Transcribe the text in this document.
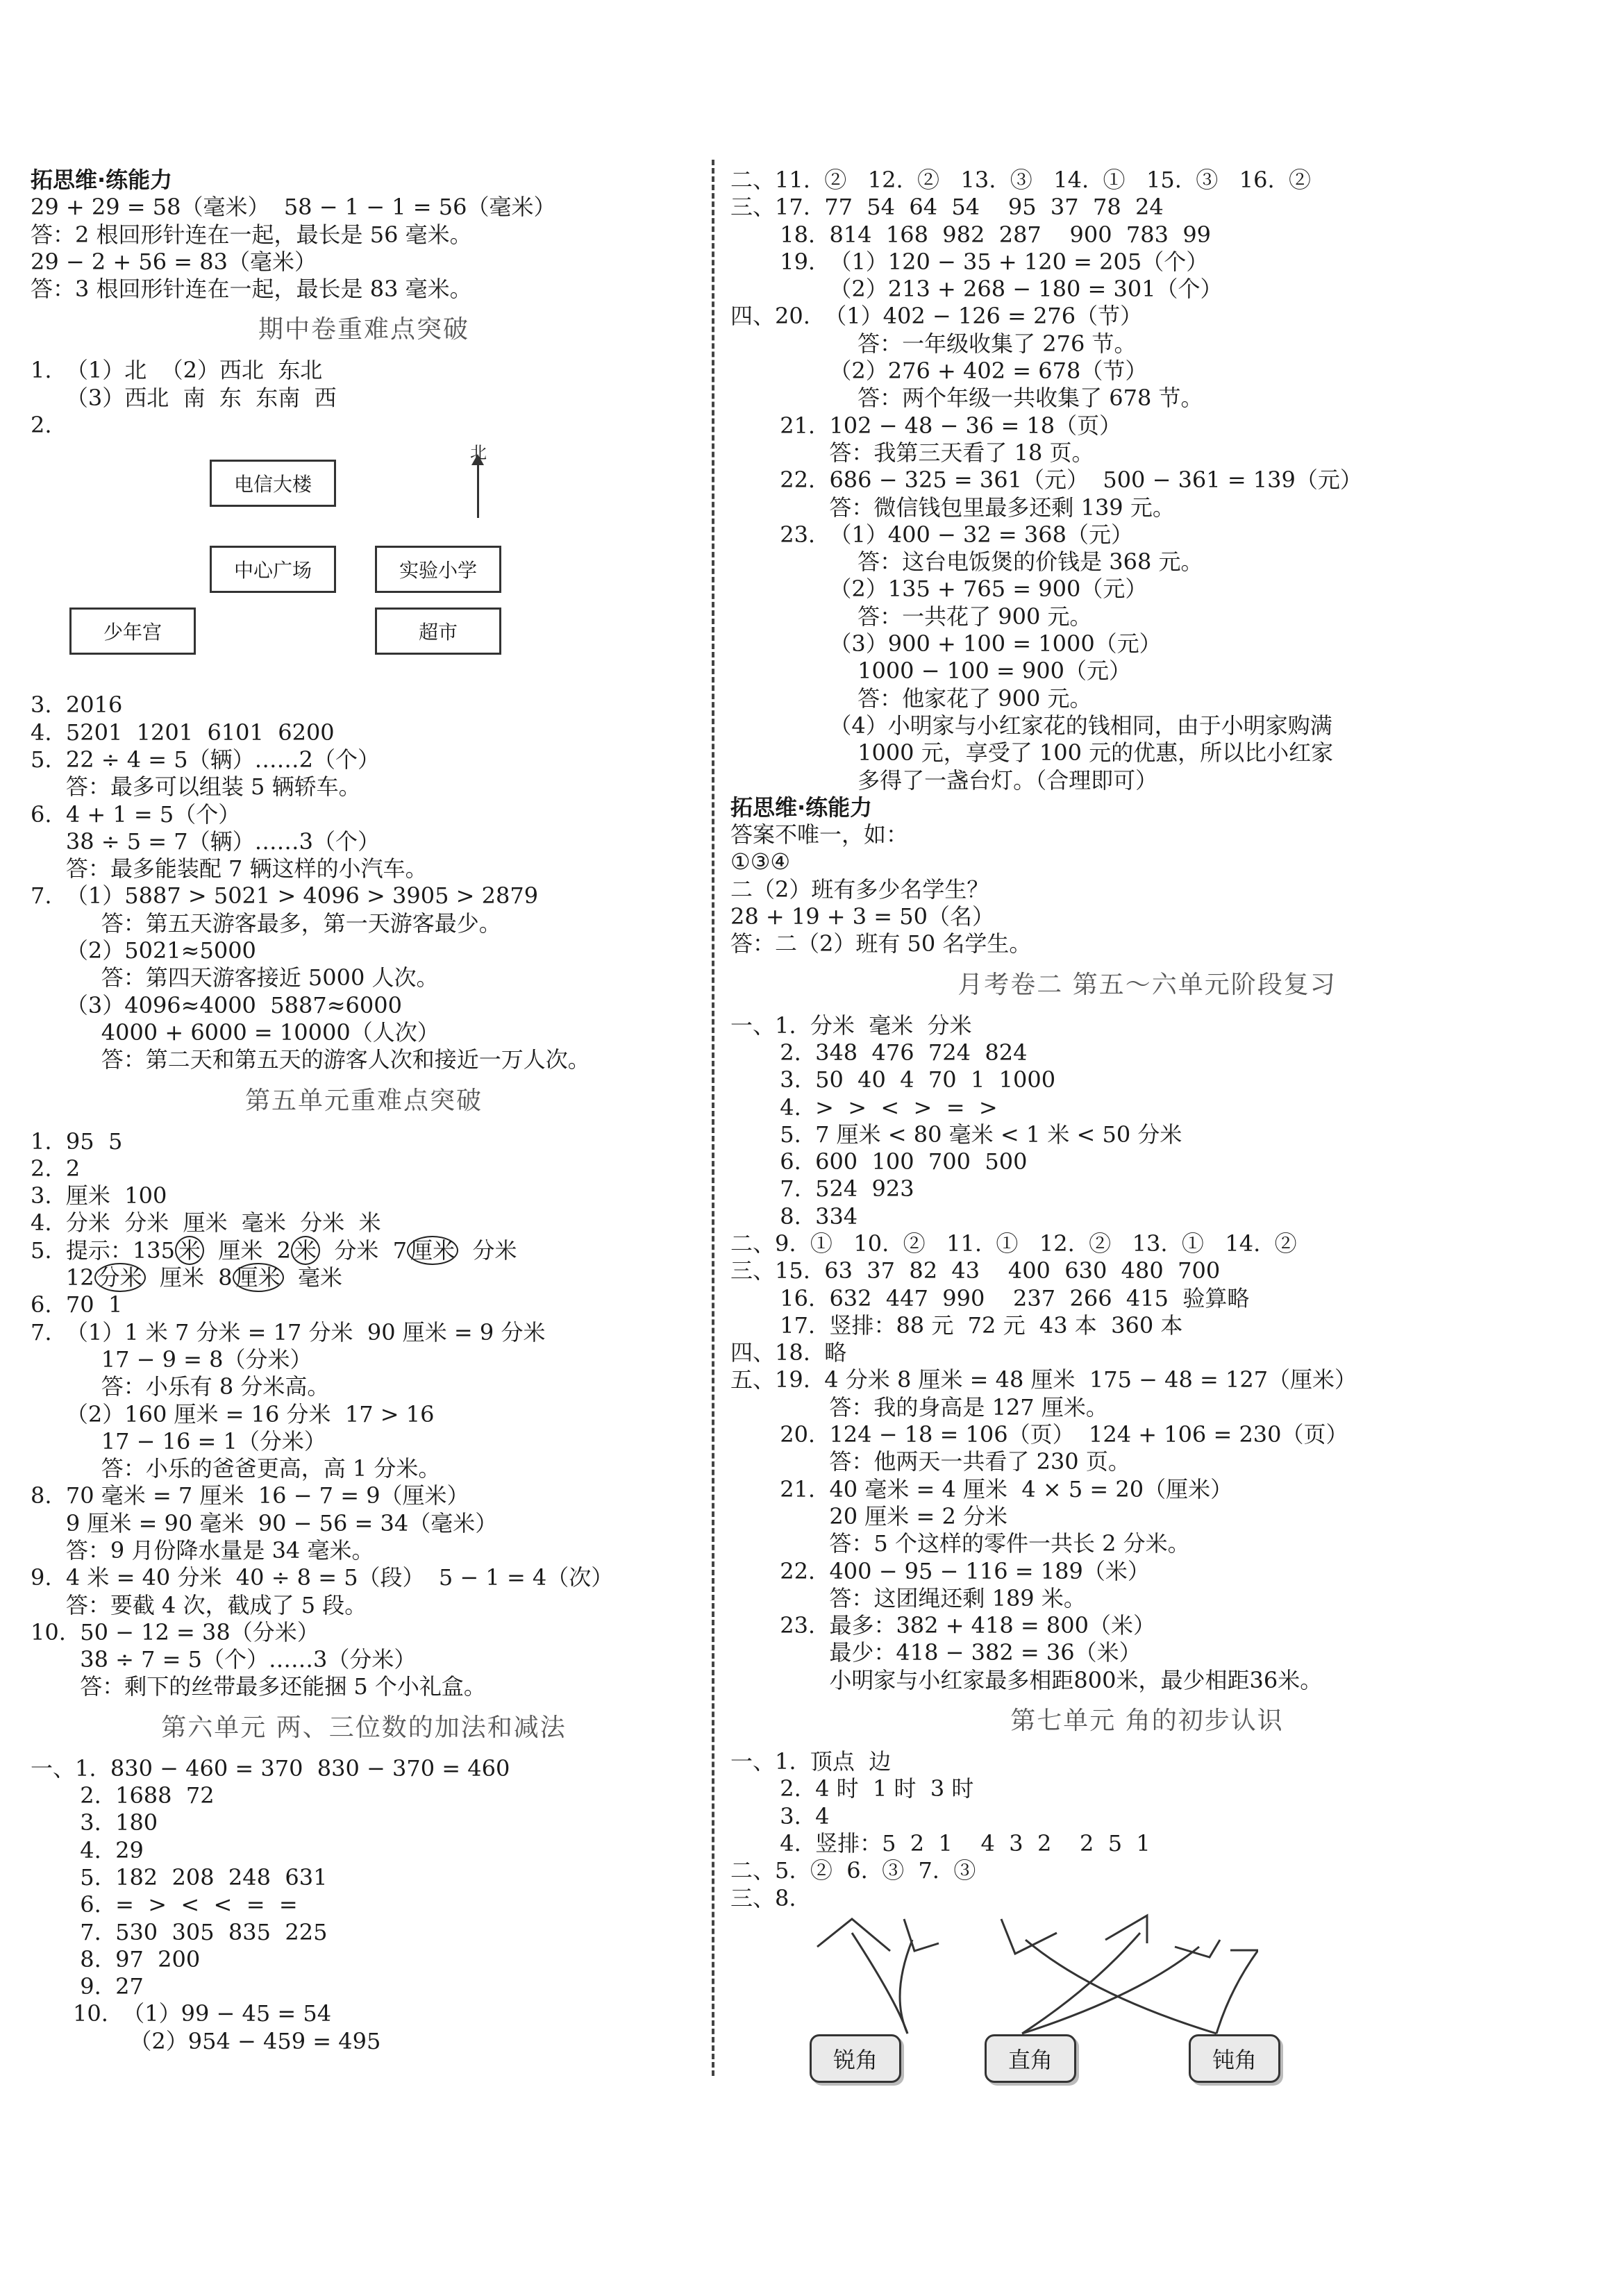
拓思维·练能力
29 + 29 = 58（毫米）  58 − 1 − 1 = 56（毫米）
答：2 根回形针连在一起，最长是 56 毫米。
29 − 2 + 56 = 83（毫米）
答：3 根回形针连在一起，最长是 83 毫米。
期中卷重难点突破
1.  （1）北  （2）西北  东北
（3）西北  南  东  东南  西
2.
北
电信大楼
中心广场	实验小学
少年宫	超市
3.  2016
4.  5201  1201  6101  6200
5.  22 ÷ 4 = 5（辆）……2（个）
答：最多可以组装 5 辆轿车。
6.  4 + 1 = 5（个）
38 ÷ 5 = 7（辆）……3（个）
答：最多能装配 7 辆这样的小汽车。
7.  （1）5887 > 5021 > 4096 > 3905 > 2879
答：第五天游客最多，第一天游客最少。
（2）5021≈5000
答：第四天游客接近 5000 人次。
（3）4096≈4000  5887≈6000
4000 + 6000 = 10000（人次）
答：第二天和第五天的游客人次和接近一万人次。
第五单元重难点突破
1.  95  5
2.  2
3.  厘米  100
4.  分米  分米  厘米  毫米  分米  米
5.  提示：135 米  厘米  2 米  分米  7 厘米  分米
12 分米  厘米  8 厘米  毫米
6.  70  1
7.  （1）1 米 7 分米 = 17 分米  90 厘米 = 9 分米
17 − 9 = 8（分米）
答：小乐有 8 分米高。
（2）160 厘米 = 16 分米  17 > 16
17 − 16 = 1（分米）
答：小乐的爸爸更高，高 1 分米。
8.  70 毫米 = 7 厘米  16 − 7 = 9（厘米）
9 厘米 = 90 毫米  90 − 56 = 34（毫米）
答：9 月份降水量是 34 毫米。
9.  4 米 = 40 分米  40 ÷ 8 = 5（段）  5 − 1 = 4（次）
答：要截 4 次，截成了 5 段。
10.  50 − 12 = 38（分米）
38 ÷ 7 = 5（个）……3（分米）
答：剩下的丝带最多还能捆 5 个小礼盒。
第六单元 两、三位数的加法和减法
一、1.  830 − 460 = 370  830 − 370 = 460
2.  1688  72
3.  180
4.  29
5.  182  208  248  631
6.  =  >  <  <  =  =
7.  530  305  835  225
8.  97  200
9.  27
10.  （1）99 − 45 = 54
（2）954 − 459 = 495
二、11.  ②   12.  ②   13.  ③   14.  ①   15.  ③   16.  ②
三、17.  77  54  64  54    95  37  78  24
18.  814  168  982  287    900  783  99
19.  （1）120 − 35 + 120 = 205（个）
（2）213 + 268 − 180 = 301（个）
四、20.  （1）402 − 126 = 276（节）
答：一年级收集了 276 节。
（2）276 + 402 = 678（节）
答：两个年级一共收集了 678 节。
21.  102 − 48 − 36 = 18（页）
答：我第三天看了 18 页。
22.  686 − 325 = 361（元）  500 − 361 = 139（元）
答：微信钱包里最多还剩 139 元。
23.  （1）400 − 32 = 368（元）
答：这台电饭煲的价钱是 368 元。
（2）135 + 765 = 900（元）
答：一共花了 900 元。
（3）900 + 100 = 1000（元）
1000 − 100 = 900（元）
答：他家花了 900 元。
（4）小明家与小红家花的钱相同，由于小明家购满
1000 元，享受了 100 元的优惠，所以比小红家
多得了一盏台灯。（合理即可）
拓思维·练能力
答案不唯一，如：
①③④
二（2）班有多少名学生？
28 + 19 + 3 = 50（名）
答：二（2）班有 50 名学生。
月考卷二 第五～六单元阶段复习
一、1.  分米  毫米  分米
2.  348  476  724  824
3.  50  40  4  70  1  1000
4.  >  >  <  >  =  >
5.  7 厘米 < 80 毫米 < 1 米 < 50 分米
6.  600  100  700  500
7.  524  923
8.  334
二、9.  ①   10.  ②   11.  ①   12.  ②   13.  ①   14.  ②
三、15.  63  37  82  43    400  630  480  700
16.  632  447  990    237  266  415  验算略
17.  竖排：88 元  72 元  43 本  360 本
四、18.  略
五、19.  4 分米 8 厘米 = 48 厘米  175 − 48 = 127（厘米）
答：我的身高是 127 厘米。
20.  124 − 18 = 106（页）  124 + 106 = 230（页）
答：他两天一共看了 230 页。
21.  40 毫米 = 4 厘米  4 × 5 = 20（厘米）
20 厘米 = 2 分米
答：5 个这样的零件一共长 2 分米。
22.  400 − 95 − 116 = 189（米）
答：这团绳还剩 189 米。
23.  最多：382 + 418 = 800（米）
最少：418 − 382 = 36（米）
小明家与小红家最多相距800米，最少相距36米。
第七单元 角的初步认识
一、1.  顶点  边
2.  4 时  1 时  3 时
3.  4
4.  竖排：5  2  1    4  3  2    2  5  1
二、5.  ②  6.  ③  7.  ③
三、8.
锐角	直角	钝角
